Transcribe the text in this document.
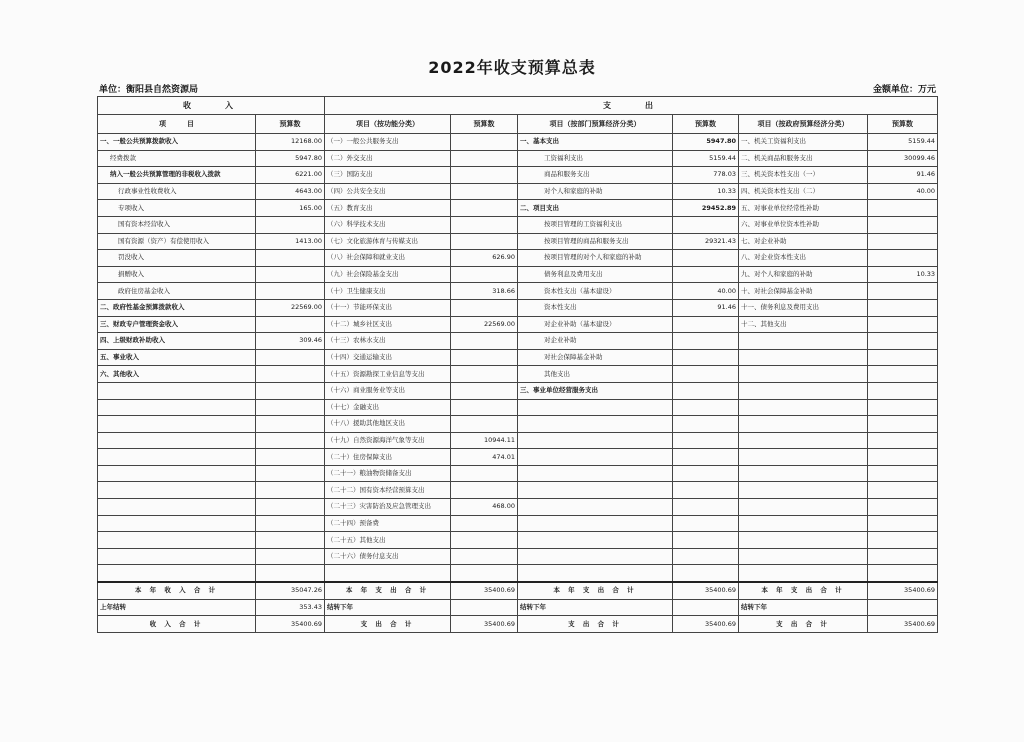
2022年收支预算总表
单位：衡阳县自然资源局	金额单位：万元
收　　入		支　　出					
项　　　目	预算数	项目（按功能分类）	预算数	项目（按部门预算经济分类）	预算数	项目（按政府预算经济分类）	预算数
一、一般公共预算拨款收入	12168.00	（一）一般公共服务支出		一、基本支出	5947.80	一、机关工资福利支出	5159.44
经费拨款	5947.80	（二）外交支出		工资福利支出	5159.44	二、机关商品和服务支出	30099.46
纳入一般公共预算管理的非税收入拨款	6221.00	（三）国防支出		商品和服务支出	778.03	三、机关资本性支出（一）	91.46
行政事业性收费收入	4643.00	（四）公共安全支出		对个人和家庭的补助	10.33	四、机关资本性支出（二）	40.00
专项收入	165.00	（五）教育支出		二、项目支出	29452.89	五、对事业单位经常性补助	
国有资本经营收入		（六）科学技术支出		按项目管理的工资福利支出		六、对事业单位资本性补助	
国有资源（资产）有偿使用收入	1413.00	（七）文化旅游体育与传媒支出		按项目管理的商品和服务支出	29321.43	七、对企业补助	
罚没收入		（八）社会保障和就业支出	626.90	按项目管理的对个人和家庭的补助		八、对企业资本性支出	
捐赠收入		（九）社会保险基金支出		债务利息及费用支出		九、对个人和家庭的补助	10.33
政府住房基金收入		（十）卫生健康支出	318.66	资本性支出（基本建设）	40.00	十、对社会保障基金补助	
二、政府性基金预算拨款收入	22569.00	（十一）节能环保支出		资本性支出	91.46	十一、债务利息及费用支出	
三、财政专户管理资金收入		（十二）城乡社区支出	22569.00	对企业补助（基本建设）		十二、其他支出	
四、上级财政补助收入	309.46	（十三）农林水支出		对企业补助			
五、事业收入		（十四）交通运输支出		对社会保障基金补助			
六、其他收入		（十五）资源勘探工业信息等支出		其他支出			
		（十六）商业服务业等支出		三、事业单位经营服务支出			
		（十七）金融支出					
		（十八）援助其他地区支出					
		（十九）自然资源海洋气象等支出	10944.11				
		（二十）住房保障支出	474.01				
		（二十一）粮油物资储备支出					
		（二十二）国有资本经营预算支出					
		（二十三）灾害防治及应急管理支出	468.00				
		（二十四）预备费					
		（二十五）其他支出					
		（二十六）债务付息支出					

本 年 收 入 合 计	35047.26	本 年 支 出 合 计	35400.69	本 年 支 出 合 计	35400.69	本 年 支 出 合 计	35400.69
上年结转	353.43	结转下年		结转下年		结转下年	
收 入 合 计	35400.69	支 出 合 计	35400.69	支 出 合 计	35400.69	支 出 合 计	35400.69
